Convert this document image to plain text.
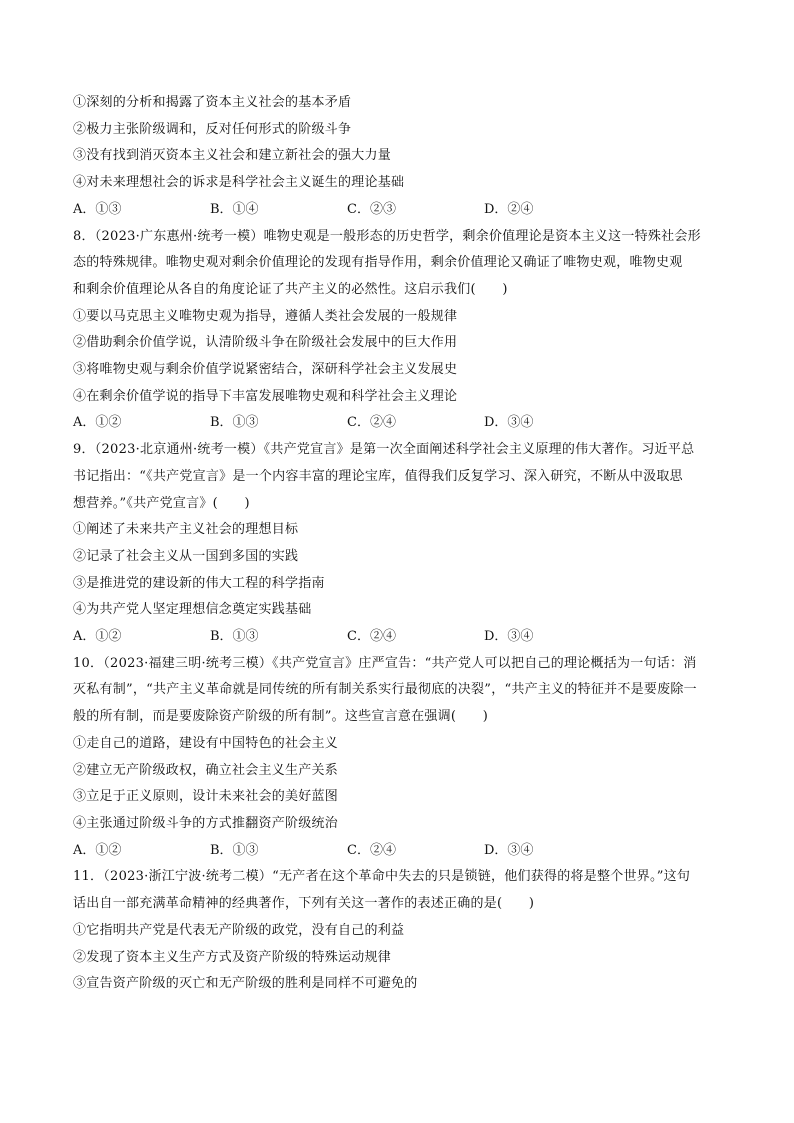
①深刻的分析和揭露了资本主义社会的基本矛盾

②极力主张阶级调和，反对任何形式的阶级斗争

③没有找到消灭资本主义社会和建立新社会的强大力量

④对未来理想社会的诉求是科学社会主义诞生的理论基础

A．①③	B．①④	C．②③	D．②④

8．（2023·广东惠州·统考一模）唯物史观是一般形态的历史哲学，剩余价值理论是资本主义这一特殊社会形

态的特殊规律。唯物史观对剩余价值理论的发现有指导作用，剩余价值理论又确证了唯物史观，唯物史观

和剩余价值理论从各自的角度论证了共产主义的必然性。这启示我们(　　)

①要以马克思主义唯物史观为指导，遵循人类社会发展的一般规律

②借助剩余价值学说，认清阶级斗争在阶级社会发展中的巨大作用

③将唯物史观与剩余价值学说紧密结合，深研科学社会主义发展史

④在剩余价值学说的指导下丰富发展唯物史观和科学社会主义理论

A．①②	B．①③	C．②④	D．③④

9．（2023·北京通州·统考一模）《共产党宣言》是第一次全面阐述科学社会主义原理的伟大著作。习近平总

书记指出：“《共产党宣言》是一个内容丰富的理论宝库，值得我们反复学习、深入研究，不断从中汲取思

想营养。”《共产党宣言》(　　)

①阐述了未来共产主义社会的理想目标

②记录了社会主义从一国到多国的实践

③是推进党的建设新的伟大工程的科学指南

④为共产党人坚定理想信念奠定实践基础

A．①②	B．①③	C．②④	D．③④

10．（2023·福建三明·统考三模）《共产党宣言》庄严宣告：“共产党人可以把自己的理论概括为一句话：消

灭私有制”，“共产主义革命就是同传统的所有制关系实行最彻底的决裂”，“共产主义的特征并不是要废除一

般的所有制，而是要废除资产阶级的所有制”。这些宣言意在强调(　　)

①走自己的道路，建设有中国特色的社会主义

②建立无产阶级政权，确立社会主义生产关系

③立足于正义原则，设计未来社会的美好蓝图

④主张通过阶级斗争的方式推翻资产阶级统治

A．①②	B．①③	C．②④	D．③④

11．（2023·浙江宁波·统考二模）“无产者在这个革命中失去的只是锁链，他们获得的将是整个世界。”这句

话出自一部充满革命精神的经典著作，下列有关这一著作的表述正确的是(　　)

①它指明共产党是代表无产阶级的政党，没有自己的利益

②发现了资本主义生产方式及资产阶级的特殊运动规律

③宣告资产阶级的灭亡和无产阶级的胜利是同样不可避免的
